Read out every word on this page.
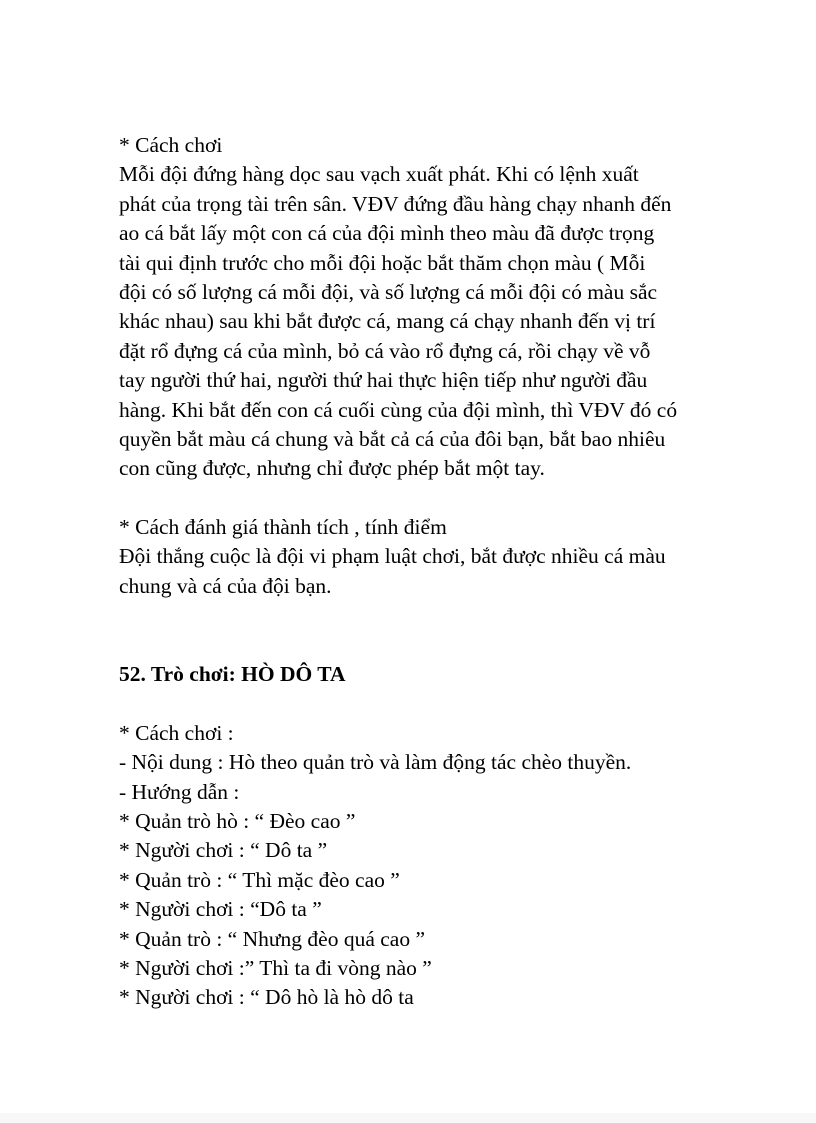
* Cách chơi
Mỗi đội đứng hàng dọc sau vạch xuất phát. Khi có lệnh xuất
phát của trọng tài trên sân. VĐV đứng đầu hàng chạy nhanh đến
ao cá bắt lấy một con cá của đội mình theo màu đã được trọng
tài qui định trước cho mỗi đội hoặc bắt thăm chọn màu ( Mỗi
đội có số lượng cá mỗi đội, và số lượng cá mỗi đội có màu sắc
khác nhau) sau khi bắt được cá, mang cá chạy nhanh đến vị trí
đặt rổ đựng cá của mình, bỏ cá vào rổ đựng cá, rồi chạy về vỗ
tay người thứ hai, người thứ hai thực hiện tiếp như người đầu
hàng. Khi bắt đến con cá cuối cùng của đội mình, thì VĐV đó có
quyền bắt màu cá chung và bắt cả cá của đôi bạn, bắt bao nhiêu
con cũng được, nhưng chỉ được phép bắt một tay.
* Cách đánh giá thành tích , tính điểm
Đội thắng cuộc là đội vi phạm luật chơi, bắt được nhiều cá màu
chung và cá của đội bạn.
52. Trò chơi: HÒ DÔ TA
* Cách chơi :
- Nội dung : Hò theo quản trò và làm động tác chèo thuyền.
- Hướng dẫn :
* Quản trò hò : “ Đèo cao ”
* Người chơi : “ Dô ta ”
* Quản trò : “ Thì mặc đèo cao ”
* Người chơi : “Dô ta ”
* Quản trò : “ Nhưng đèo quá cao ”
* Người chơi :” Thì ta đi vòng nào ”
* Người chơi : “ Dô hò là hò dô ta
